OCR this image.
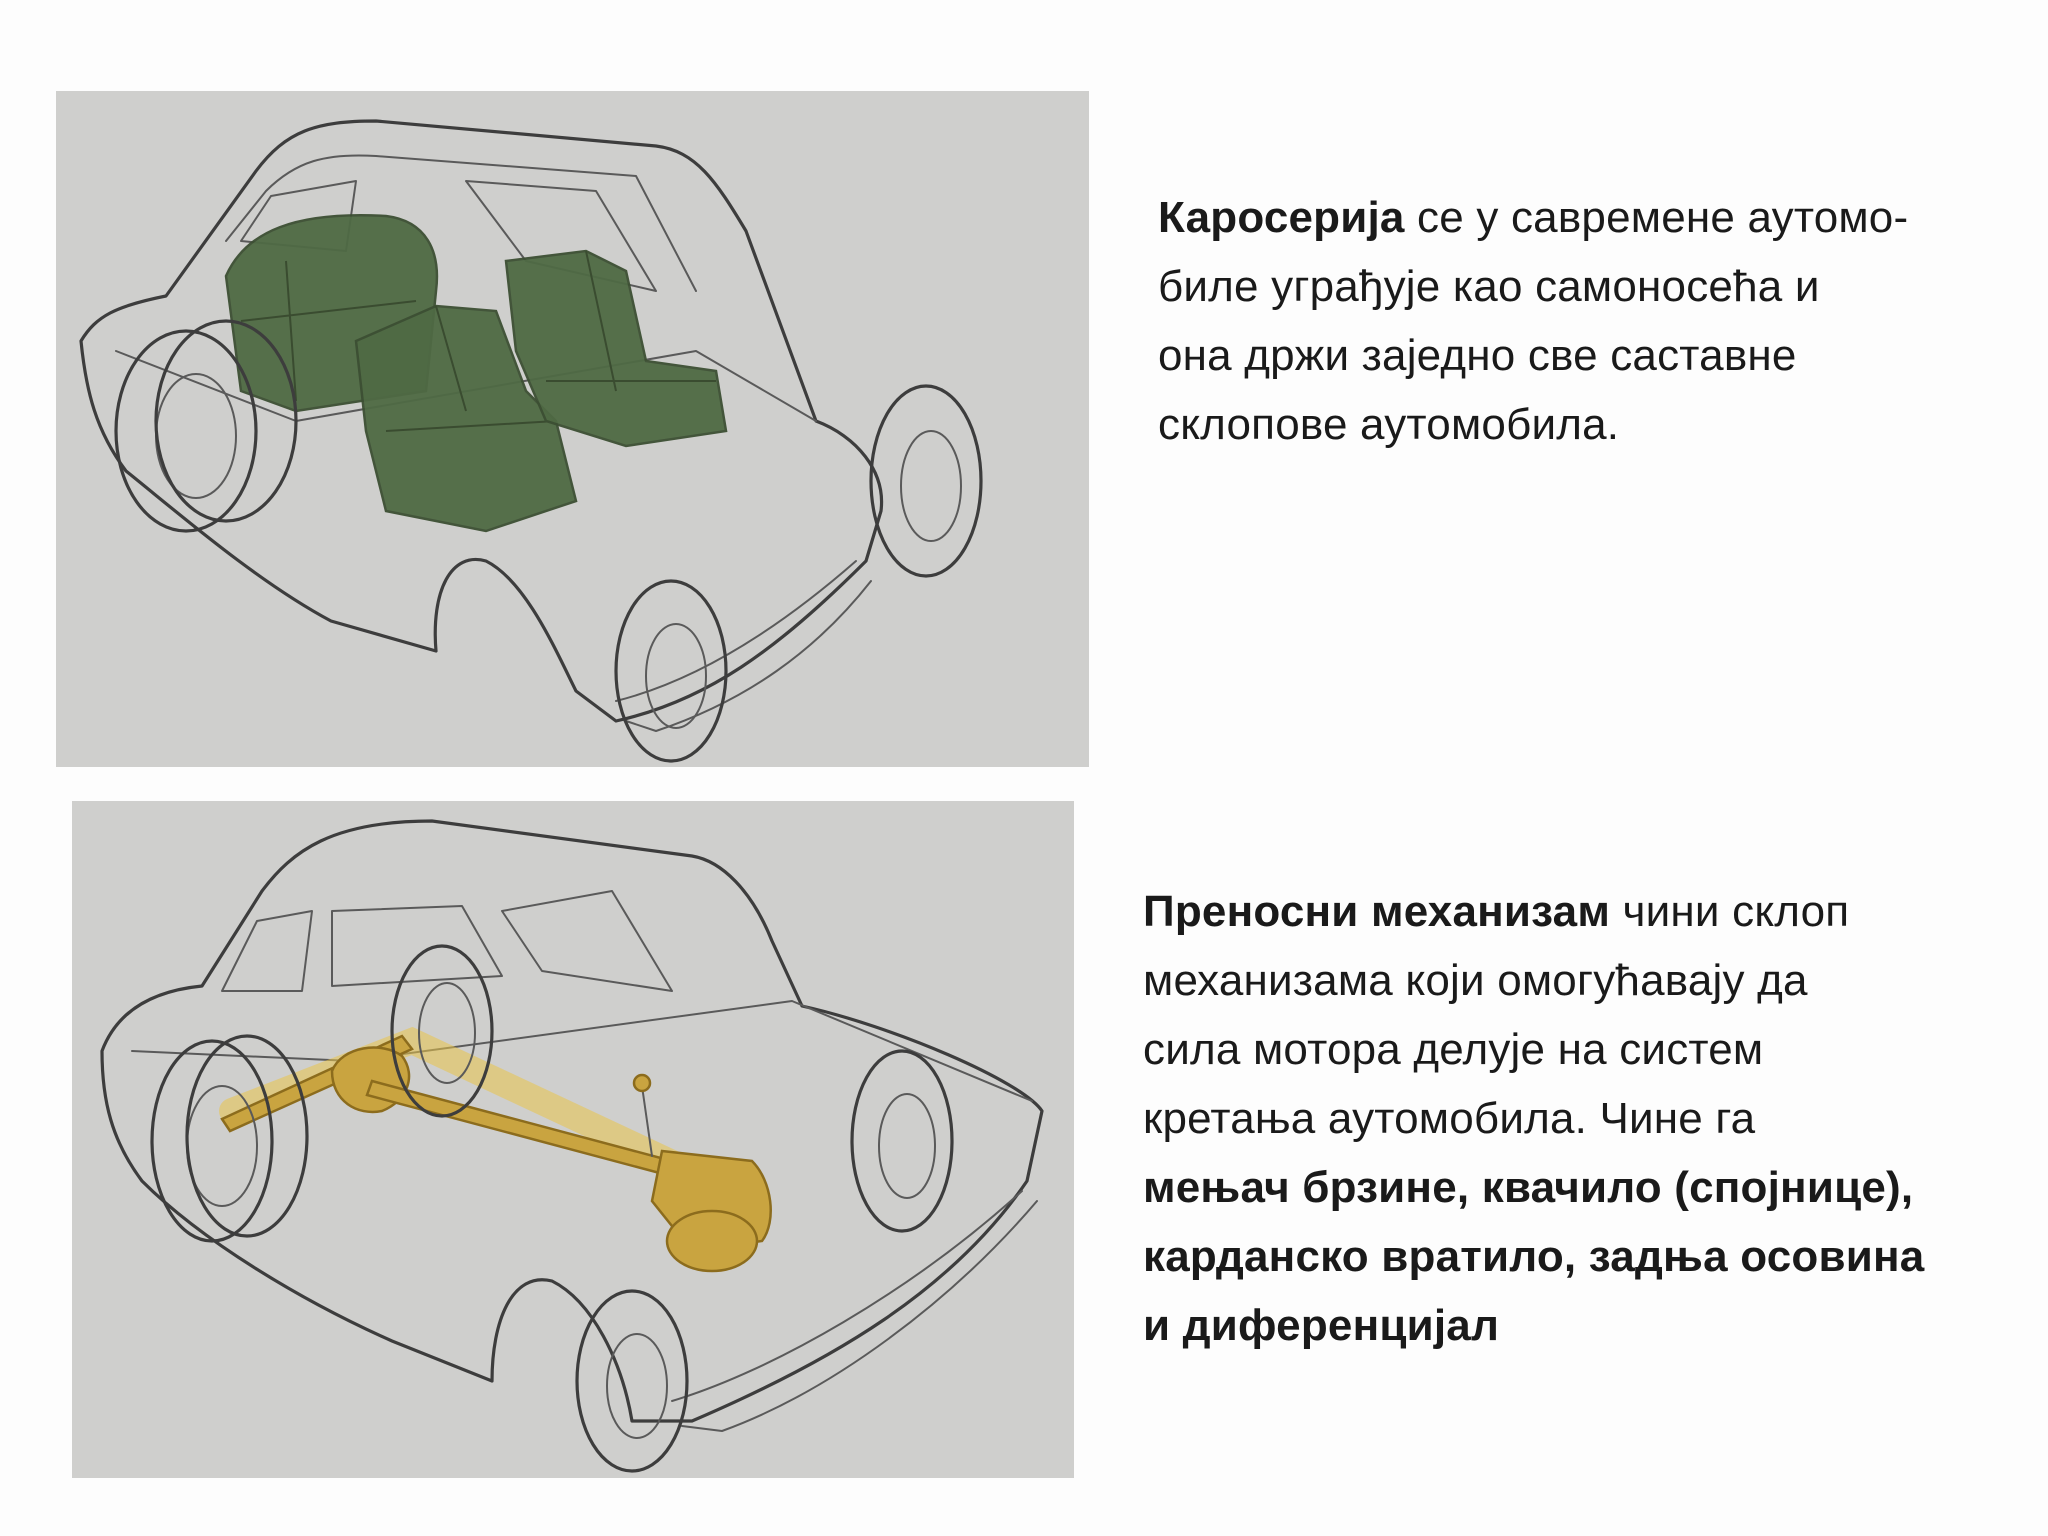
Каросерија се у савремене аутомо-

биле уграђује као самоносећа и

она држи заједно све саставне

склопове аутомобила.

Преносни механизам чини склоп

механизама који омогућавају да

сила мотора делује на систем

кретања аутомобила. Чине га

мењач брзине, квачило (спојнице),

карданско вратило, задња осовина

и диференцијал
